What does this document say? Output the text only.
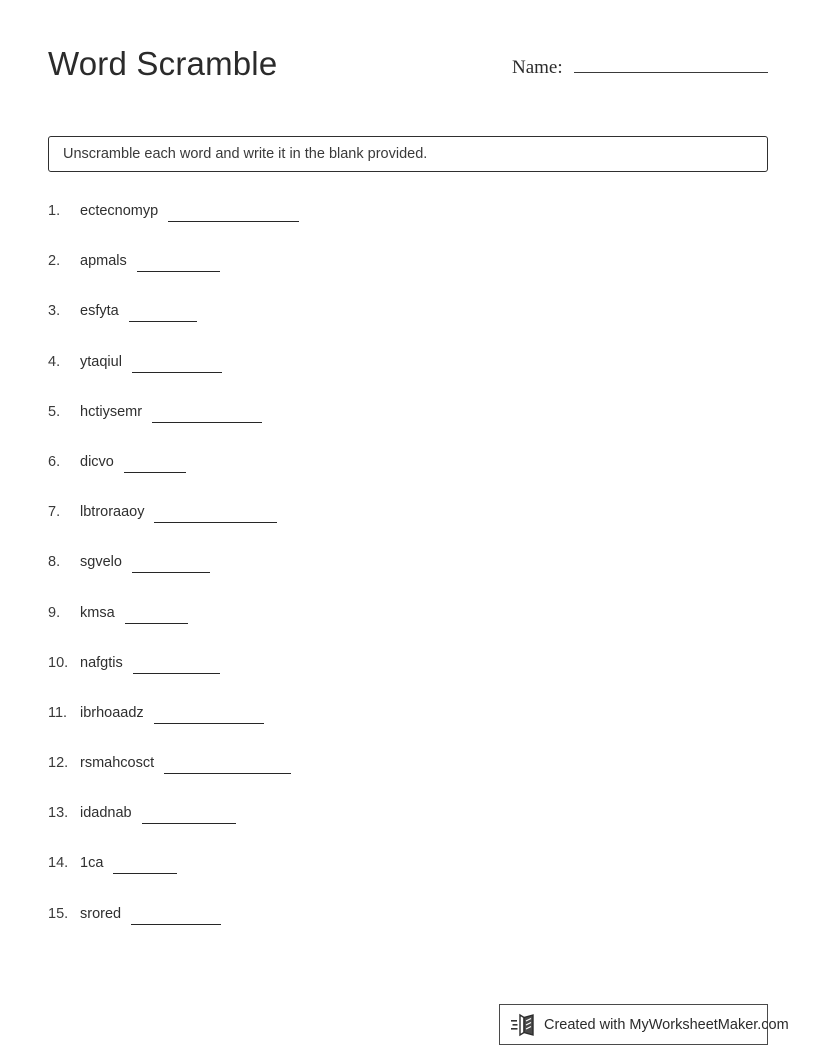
Word Scramble	Name:
Unscramble each word and write it in the blank provided.
1.	ectecnomyp
2.	apmals
3.	esfyta
4.	ytaqiul
5.	hctiysemr
6.	dicvo
7.	lbtroraaoy
8.	sgvelo
9.	kmsa
10. nafgtis
11. ibrhoaadz
12. rsmahcosct
13. idadnab
14. 1ca
15. srored
Created with MyWorksheetMaker.com
